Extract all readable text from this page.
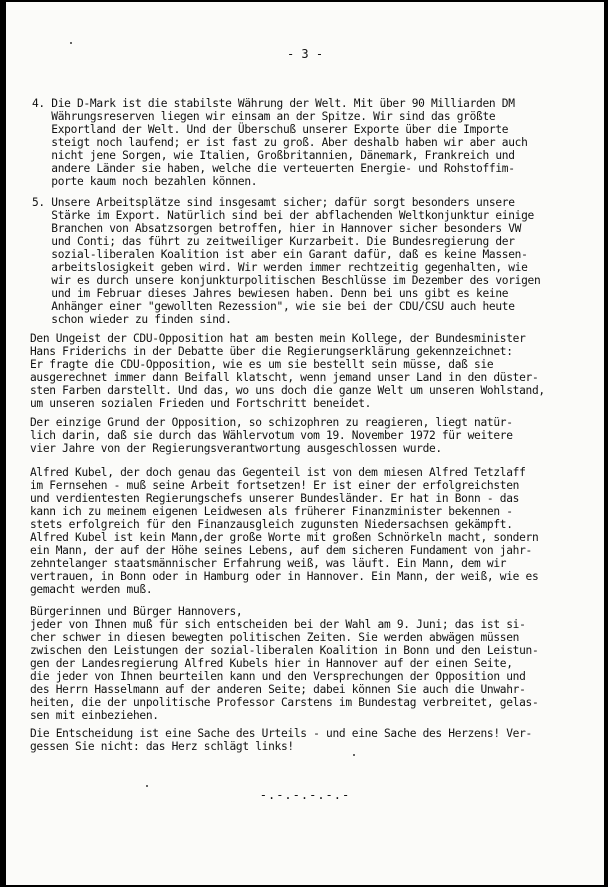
- 3 -
4. Die D-Mark ist die stabilste Währung der Welt. Mit über 90 Milliarden DM
Währungsreserven liegen wir einsam an der Spitze. Wir sind das größte
Exportland der Welt. Und der Überschuß unserer Exporte über die Importe
steigt noch laufend; er ist fast zu groß. Aber deshalb haben wir aber auch
nicht jene Sorgen, wie Italien, Großbritannien, Dänemark, Frankreich und
andere Länder sie haben, welche die verteuerten Energie- und Rohstoffim-
porte kaum noch bezahlen können.
5. Unsere Arbeitsplätze sind insgesamt sicher; dafür sorgt besonders unsere
Stärke im Export. Natürlich sind bei der abflachenden Weltkonjunktur einige
Branchen von Absatzsorgen betroffen, hier in Hannover sicher besonders VW
und Conti; das führt zu zeitweiliger Kurzarbeit. Die Bundesregierung der
sozial-liberalen Koalition ist aber ein Garant dafür, daß es keine Massen-
arbeitslosigkeit geben wird. Wir werden immer rechtzeitig gegenhalten, wie
wir es durch unsere konjunkturpolitischen Beschlüsse im Dezember des vorigen
und im Februar dieses Jahres bewiesen haben. Denn bei uns gibt es keine
Anhänger einer "gewollten Rezession", wie sie bei der CDU/CSU auch heute
schon wieder zu finden sind.
Den Ungeist der CDU-Opposition hat am besten mein Kollege, der Bundesminister
Hans Friderichs in der Debatte über die Regierungserklärung gekennzeichnet:
Er fragte die CDU-Opposition, wie es um sie bestellt sein müsse, daß sie
ausgerechnet immer dann Beifall klatscht, wenn jemand unser Land in den düster-
sten Farben darstellt. Und das, wo uns doch die ganze Welt um unseren Wohlstand,
um unseren sozialen Frieden und Fortschritt beneidet.
Der einzige Grund der Opposition, so schizophren zu reagieren, liegt natür-
lich darin, daß sie durch das Wählervotum vom 19. November 1972 für weitere
vier Jahre von der Regierungsverantwortung ausgeschlossen wurde.
Alfred Kubel, der doch genau das Gegenteil ist von dem miesen Alfred Tetzlaff
im Fernsehen - muß seine Arbeit fortsetzen! Er ist einer der erfolgreichsten
und verdientesten Regierungschefs unserer Bundesländer. Er hat in Bonn - das
kann ich zu meinem eigenen Leidwesen als früherer Finanzminister bekennen -
stets erfolgreich für den Finanzausgleich zugunsten Niedersachsen gekämpft.
Alfred Kubel ist kein Mann,der große Worte mit großen Schnörkeln macht, sondern
ein Mann, der auf der Höhe seines Lebens, auf dem sicheren Fundament von jahr-
zehntelanger staatsmännischer Erfahrung weiß, was läuft. Ein Mann, dem wir
vertrauen, in Bonn oder in Hamburg oder in Hannover. Ein Mann, der weiß, wie es
gemacht werden muß.
Bürgerinnen und Bürger Hannovers,
jeder von Ihnen muß für sich entscheiden bei der Wahl am 9. Juni; das ist si-
cher schwer in diesen bewegten politischen Zeiten. Sie werden abwägen müssen
zwischen den Leistungen der sozial-liberalen Koalition in Bonn und den Leistun-
gen der Landesregierung Alfred Kubels hier in Hannover auf der einen Seite,
die jeder von Ihnen beurteilen kann und den Versprechungen der Opposition und
des Herrn Hasselmann auf der anderen Seite; dabei können Sie auch die Unwahr-
heiten, die der unpolitische Professor Carstens im Bundestag verbreitet, gelas-
sen mit einbeziehen.
Die Entscheidung ist eine Sache des Urteils - und eine Sache des Herzens! Ver-
gessen Sie nicht: das Herz schlägt links!
-.-.-.-.-.-
